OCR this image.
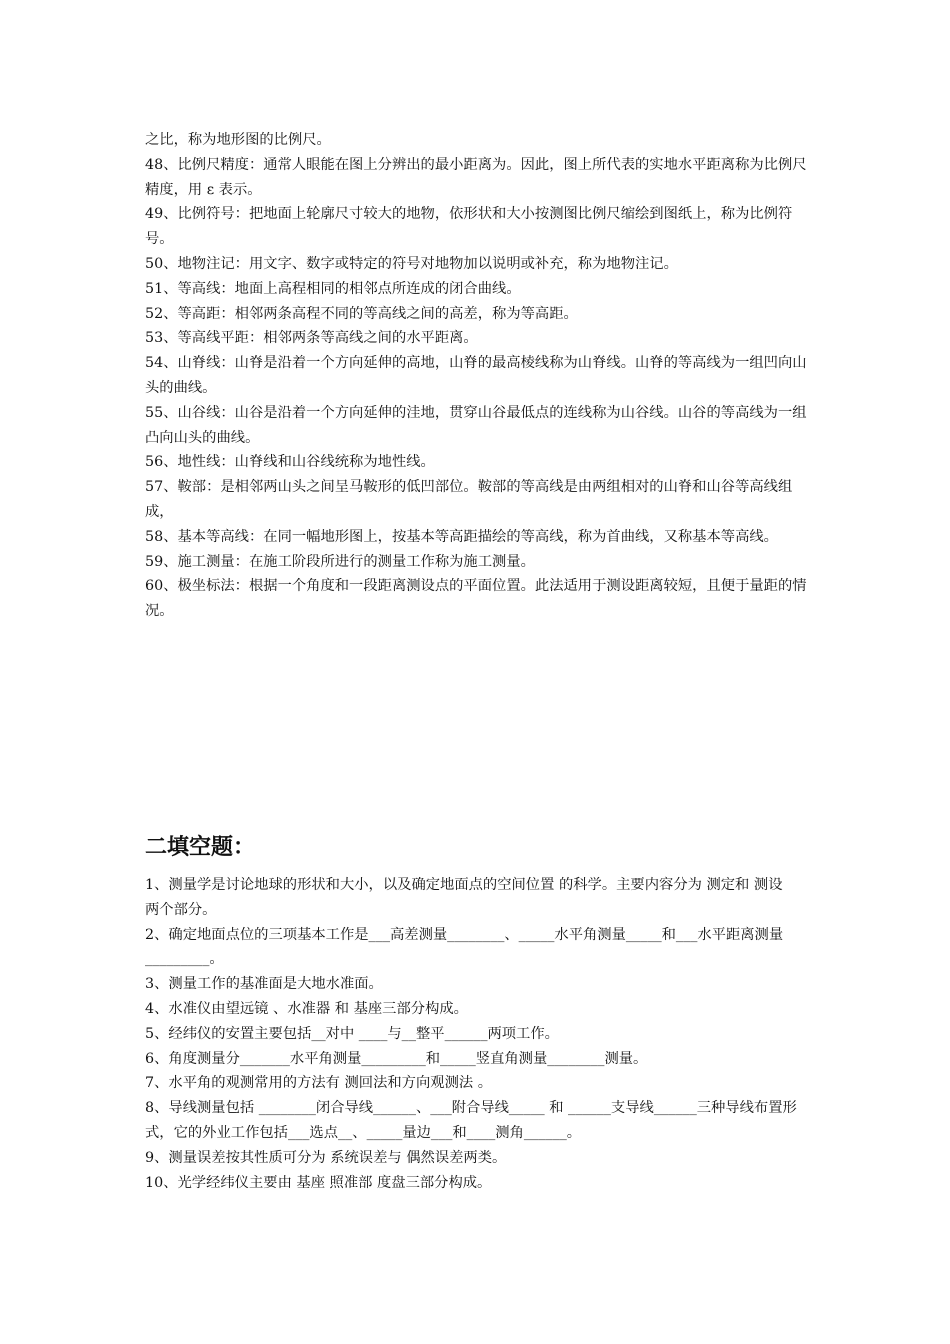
之比，称为地形图的比例尺。

48、比例尺精度：通常人眼能在图上分辨出的最小距离为。因此，图上所代表的实地水平距离称为比例尺精度，用 ε 表示。

49、比例符号：把地面上轮廓尺寸较大的地物，依形状和大小按测图比例尺缩绘到图纸上，称为比例符号。

50、地物注记：用文字、数字或特定的符号对地物加以说明或补充，称为地物注记。

51、等高线：地面上高程相同的相邻点所连成的闭合曲线。

52、等高距：相邻两条高程不同的等高线之间的高差，称为等高距。

53、等高线平距：相邻两条等高线之间的水平距离。

54、山脊线：山脊是沿着一个方向延伸的高地，山脊的最高棱线称为山脊线。山脊的等高线为一组凹向山头的曲线。

55、山谷线：山谷是沿着一个方向延伸的洼地，贯穿山谷最低点的连线称为山谷线。山谷的等高线为一组凸向山头的曲线。

56、地性线：山脊线和山谷线统称为地性线。

57、鞍部：是相邻两山头之间呈马鞍形的低凹部位。鞍部的等高线是由两组相对的山脊和山谷等高线组成，

58、基本等高线：在同一幅地形图上，按基本等高距描绘的等高线，称为首曲线，又称基本等高线。

59、施工测量：在施工阶段所进行的测量工作称为施工测量。

60、极坐标法：根据一个角度和一段距离测设点的平面位置。此法适用于测设距离较短，且便于量距的情况。

二填空题：

1、测量学是讨论地球的形状和大小，以及确定地面点的空间位置 的科学。主要内容分为 测定和 测设

两个部分。

2、确定地面点位的三项基本工作是___高差测量________、_____水平角测量_____和___水平距离测量_________。

3、测量工作的基准面是大地水准面。

4、水准仪由望远镜 、水准器 和 基座三部分构成。

5、经纬仪的安置主要包括__对中 ____与__整平______两项工作。

6、角度测量分_______水平角测量_________和_____竖直角测量________测量。

7、水平角的观测常用的方法有 测回法和方向观测法 。

8、导线测量包括 ________闭合导线______、___附合导线_____ 和 ______支导线______三种导线布置形式，它的外业工作包括___选点__、_____量边___和____测角______。

9、测量误差按其性质可分为 系统误差与 偶然误差两类。

10、光学经纬仪主要由 基座 照准部 度盘三部分构成。
